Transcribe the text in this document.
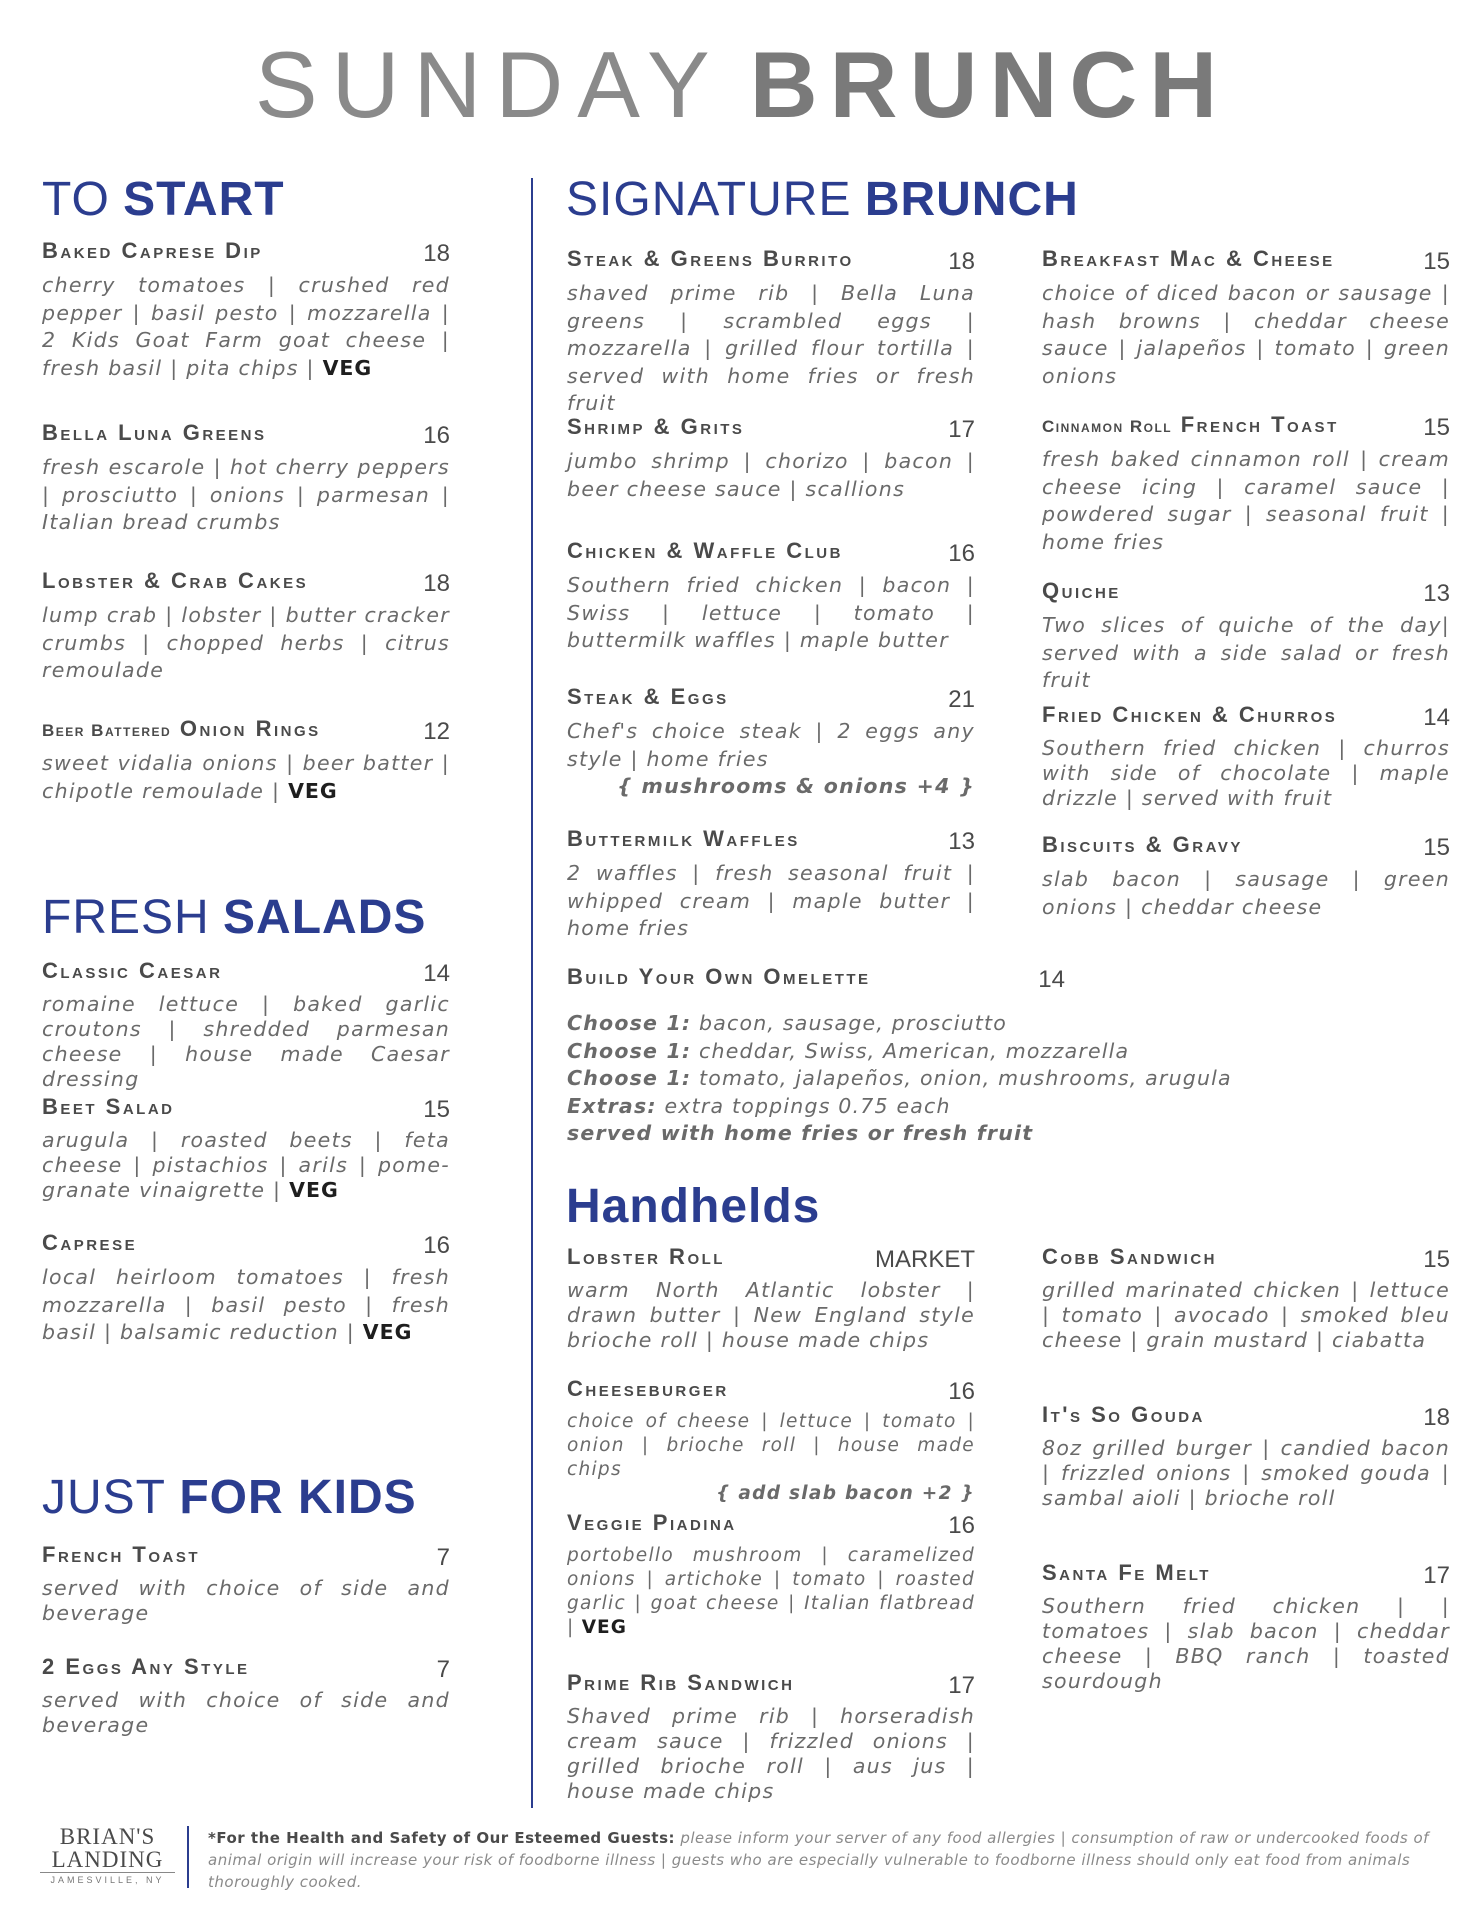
SUNDAY BRUNCH
TO START
FRESH SALADS
JUST FOR KIDS
SIGNATURE BRUNCH
Handhelds
Baked Caprese Dip	18
cherry tomatoes | crushed red pepper | basil pesto | mozzarella | 2 Kids Goat Farm goat cheese | fresh basil | pita chips | VEG
Bella Luna Greens	16
fresh escarole | hot cherry peppers | prosciutto | onions | parmesan | Italian bread crumbs
Lobster & Crab Cakes	18
lump crab | lobster | butter cracker crumbs | chopped herbs | citrus remoulade
Beer Battered Onion Rings	12
sweet vidalia onions | beer batter | chipotle remoulade | VEG
Classic Caesar	14
romaine lettuce | baked garlic croutons | shredded parmesan cheese | house made Caesar dressing
Beet Salad	15
arugula | roasted beets | feta cheese | pistachios | arils | pome-granate vinaigrette | VEG
Caprese	16
local heirloom tomatoes | fresh mozzarella | basil pesto | fresh basil | balsamic reduction | VEG
French Toast	7
served with choice of side and beverage
2 Eggs Any Style	7
served with choice of side and beverage
Steak & Greens Burrito	18
shaved prime rib | Bella Luna greens | scrambled eggs | mozzarella | grilled flour tortilla | served with home fries or fresh fruit
Shrimp & Grits	17
jumbo shrimp | chorizo | bacon | beer cheese sauce | scallions
Chicken & Waffle Club	16
Southern fried chicken | bacon | Swiss | lettuce | tomato | buttermilk waffles | maple butter
Steak & Eggs	21
Chef's choice steak | 2 eggs any style | home fries
{ mushrooms & onions +4 }
Buttermilk Waffles	13
2 waffles | fresh seasonal fruit | whipped cream | maple butter | home fries
Breakfast Mac & Cheese	15
choice of diced bacon or sausage | hash browns | cheddar cheese sauce | jalapeños | tomato | green onions
Cinnamon Roll French Toast	15
fresh baked cinnamon roll | cream cheese icing | caramel sauce | powdered sugar | seasonal fruit | home fries
Quiche	13
Two slices of quiche of the day| served with a side salad or fresh fruit
Fried Chicken & Churros	14
Southern fried chicken | churros with side of chocolate | maple drizzle | served with fruit
Biscuits & Gravy	15
slab bacon | sausage | green onions | cheddar cheese
Build Your Own Omelette	14
Choose 1: bacon, sausage, prosciutto
Choose 1: cheddar, Swiss, American, mozzarella
Choose 1: tomato, jalapeños, onion, mushrooms, arugula
Extras: extra toppings 0.75 each
served with home fries or fresh fruit
Lobster Roll	MARKET
warm North Atlantic lobster | drawn butter | New England style brioche roll | house made chips
Cheeseburger	16
choice of cheese | lettuce | tomato | onion | brioche roll | house made chips
{ add slab bacon +2 }
Veggie Piadina	16
portobello mushroom | caramelized onions | artichoke | tomato | roasted garlic | goat cheese | Italian flatbread | VEG
Prime Rib Sandwich	17
Shaved prime rib | horseradish cream sauce | frizzled onions | grilled brioche roll | aus jus | house made chips
Cobb Sandwich	15
grilled marinated chicken | lettuce | tomato | avocado | smoked bleu cheese | grain mustard | ciabatta
It's So Gouda	18
8oz grilled burger | candied bacon | frizzled onions | smoked gouda | sambal aioli | brioche roll
Santa Fe Melt	17
Southern fried chicken | | tomatoes | slab bacon | cheddar cheese | BBQ ranch | toasted sourdough
BRIAN'S
LANDING
JAMESVILLE, NY
*For the Health and Safety of Our Esteemed Guests: please inform your server of any food allergies | consumption of raw or undercooked foods of animal origin will increase your risk of foodborne illness | guests who are especially vulnerable to foodborne illness should only eat food from animals thoroughly cooked.
